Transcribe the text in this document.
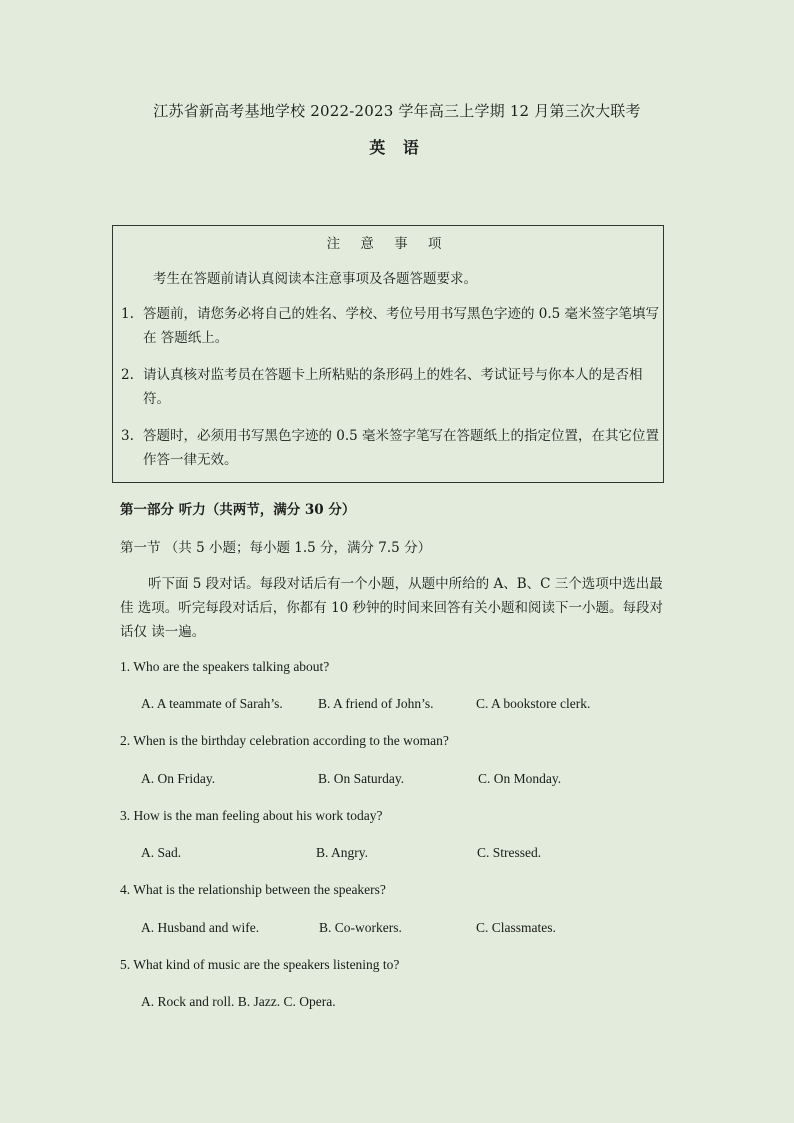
江苏省新高考基地学校 2022-2023 学年高三上学期 12 月第三次大联考
英 语
注 意 事 项
考生在答题前请认真阅读本注意事项及各题答题要求。
1. 答题前，请您务必将自己的姓名、学校、考位号用书写黑色字迹的 0.5 毫米签字笔填写在 答题纸上。
2. 请认真核对监考员在答题卡上所粘贴的条形码上的姓名、考试证号与你本人的是否相符。
3. 答题时，必须用书写黑色字迹的 0.5 毫米签字笔写在答题纸上的指定位置，在其它位置作答一律无效。
第一部分 听力（共两节，满分 30 分）
第一节 （共 5 小题；每小题 1.5 分，满分 7.5 分）
听下面 5 段对话。每段对话后有一个小题，从题中所给的 A、B、C 三个选项中选出最佳 选项。听完每段对话后，你都有 10 秒钟的时间来回答有关小题和阅读下一小题。每段对话仅 读一遍。
1. Who are the speakers talking about?
A. A teammate of Sarah’s.	B. A friend of John’s.	C. A bookstore clerk.
2. When is the birthday celebration according to the woman?
A. On Friday.	B. On Saturday.	C. On Monday.
3. How is the man feeling about his work today?
A. Sad.	B. Angry.	C. Stressed.
4. What is the relationship between the speakers?
A. Husband and wife.	B. Co-workers.	C. Classmates.
5. What kind of music are the speakers listening to?
A. Rock and roll. B. Jazz. C. Opera.
